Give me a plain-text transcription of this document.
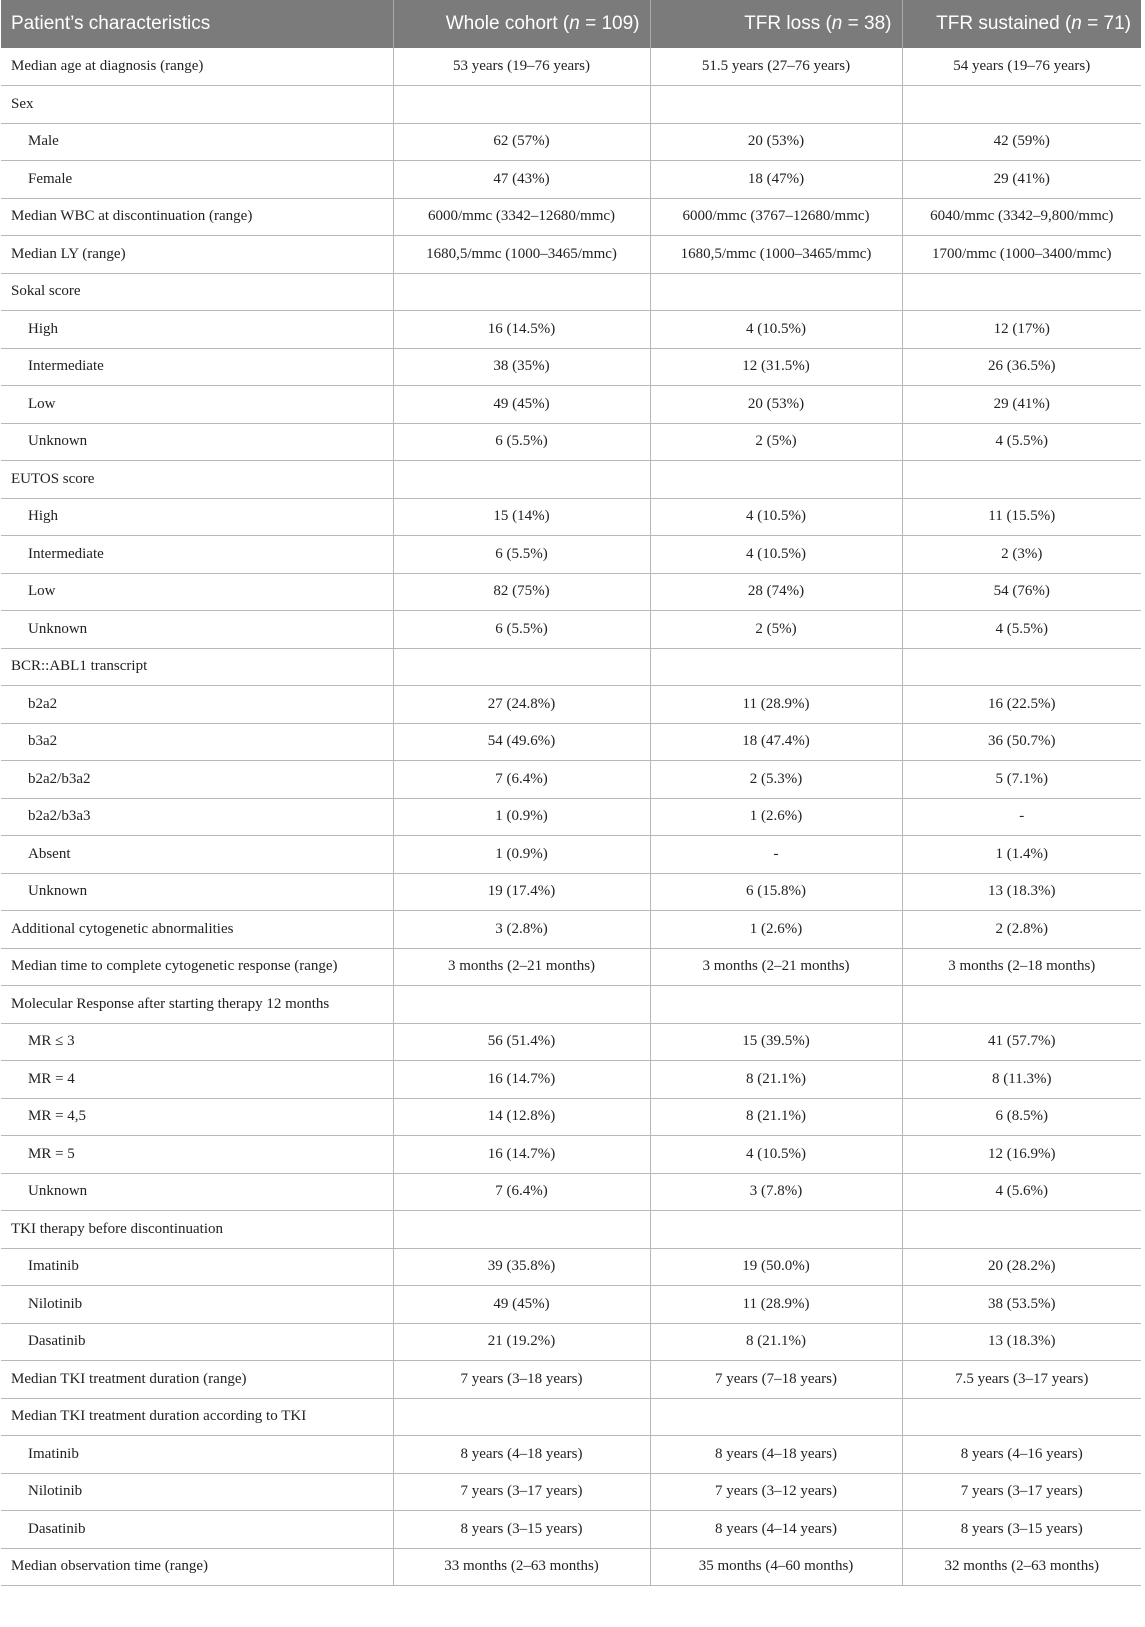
Patient’s characteristics	Whole cohort (n = 109)	TFR loss (n = 38)	TFR sustained (n = 71)
Median age at diagnosis (range)	53 years (19–76 years)	51.5 years (27–76 years)	54 years (19–76 years)
Sex			
Male	62 (57%)	20 (53%)	42 (59%)
Female	47 (43%)	18 (47%)	29 (41%)
Median WBC at discontinuation (range)	6000/mmc (3342–12680/mmc)	6000/mmc (3767–12680/mmc)	6040/mmc (3342–9,800/mmc)
Median LY (range)	1680,5/mmc (1000–3465/mmc)	1680,5/mmc (1000–3465/mmc)	1700/mmc (1000–3400/mmc)
Sokal score			
High	16 (14.5%)	4 (10.5%)	12 (17%)
Intermediate	38 (35%)	12 (31.5%)	26 (36.5%)
Low	49 (45%)	20 (53%)	29 (41%)
Unknown	6 (5.5%)	2 (5%)	4 (5.5%)
EUTOS score			
High	15 (14%)	4 (10.5%)	11 (15.5%)
Intermediate	6 (5.5%)	4 (10.5%)	2 (3%)
Low	82 (75%)	28 (74%)	54 (76%)
Unknown	6 (5.5%)	2 (5%)	4 (5.5%)
BCR::ABL1 transcript			
b2a2	27 (24.8%)	11 (28.9%)	16 (22.5%)
b3a2	54 (49.6%)	18 (47.4%)	36 (50.7%)
b2a2/b3a2	7 (6.4%)	2 (5.3%)	5 (7.1%)
b2a2/b3a3	1 (0.9%)	1 (2.6%)	-
Absent	1 (0.9%)	-	1 (1.4%)
Unknown	19 (17.4%)	6 (15.8%)	13 (18.3%)
Additional cytogenetic abnormalities	3 (2.8%)	1 (2.6%)	2 (2.8%)
Median time to complete cytogenetic response (range)	3 months (2–21 months)	3 months (2–21 months)	3 months (2–18 months)
Molecular Response after starting therapy 12 months			
MR ≤ 3	56 (51.4%)	15 (39.5%)	41 (57.7%)
MR = 4	16 (14.7%)	8 (21.1%)	8 (11.3%)
MR = 4,5	14 (12.8%)	8 (21.1%)	6 (8.5%)
MR = 5	16 (14.7%)	4 (10.5%)	12 (16.9%)
Unknown	7 (6.4%)	3 (7.8%)	4 (5.6%)
TKI therapy before discontinuation			
Imatinib	39 (35.8%)	19 (50.0%)	20 (28.2%)
Nilotinib	49 (45%)	11 (28.9%)	38 (53.5%)
Dasatinib	21 (19.2%)	8 (21.1%)	13 (18.3%)
Median TKI treatment duration (range)	7 years (3–18 years)	7 years (7–18 years)	7.5 years (3–17 years)
Median TKI treatment duration according to TKI			
Imatinib	8 years (4–18 years)	8 years (4–18 years)	8 years (4–16 years)
Nilotinib	7 years (3–17 years)	7 years (3–12 years)	7 years (3–17 years)
Dasatinib	8 years (3–15 years)	8 years (4–14 years)	8 years (3–15 years)
Median observation time (range)	33 months (2–63 months)	35 months (4–60 months)	32 months (2–63 months)
